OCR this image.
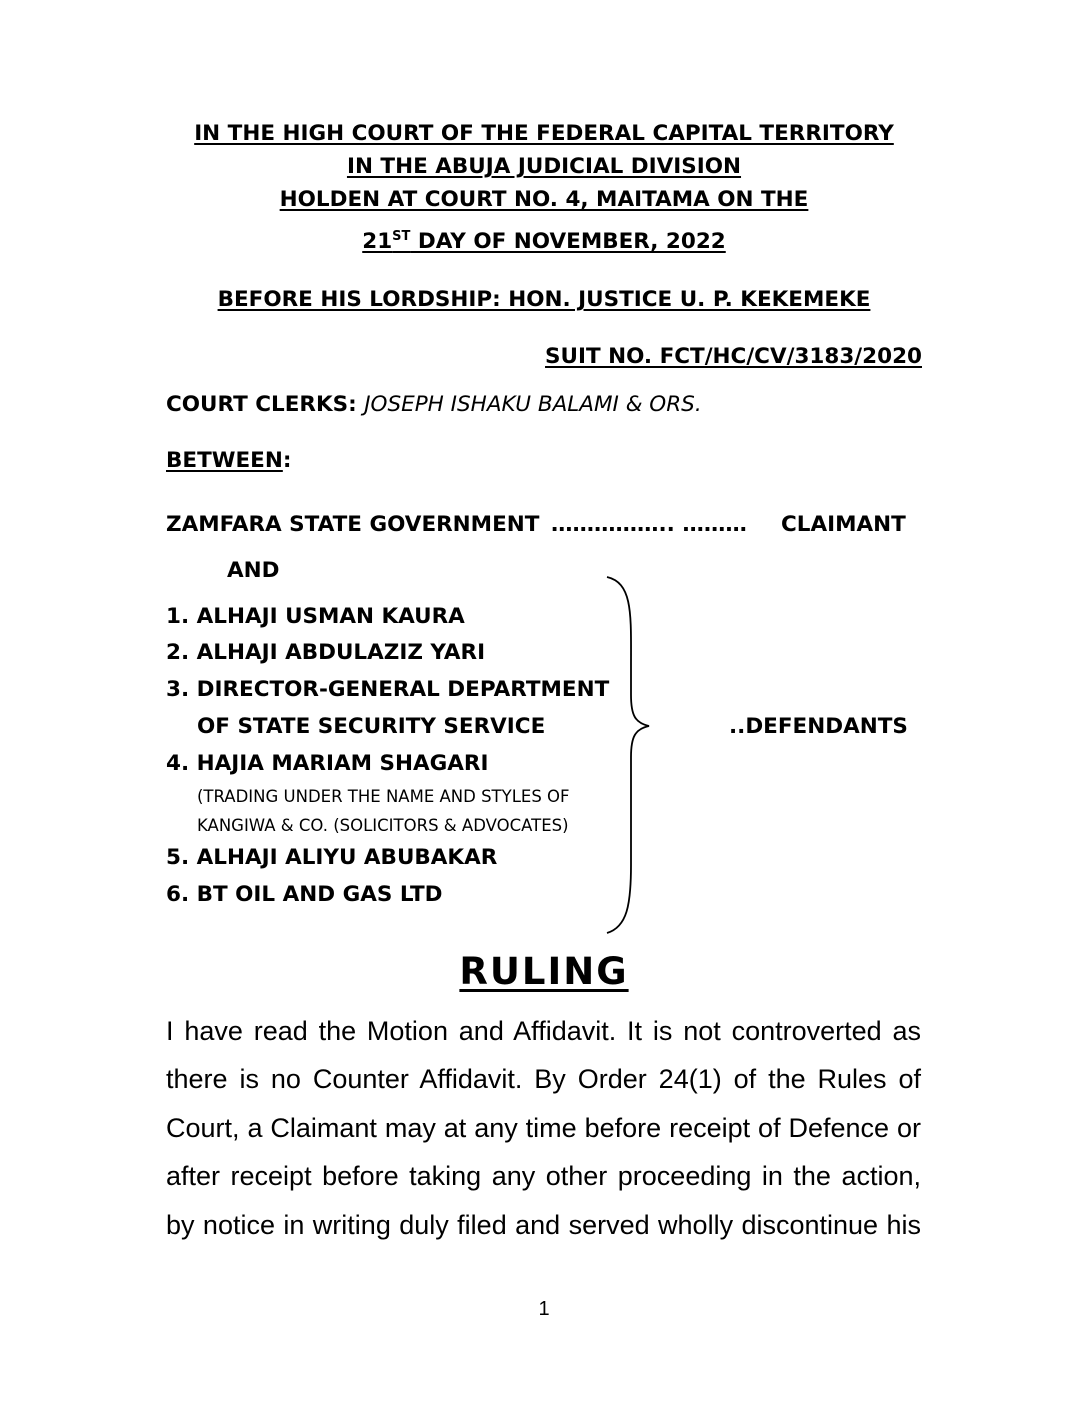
IN THE HIGH COURT OF THE FEDERAL CAPITAL TERRITORY
IN THE ABUJA JUDICIAL DIVISION
HOLDEN AT COURT NO. 4, MAITAMA ON THE
21ST DAY OF NOVEMBER, 2022
BEFORE HIS LORDSHIP: HON. JUSTICE U. P. KEKEMEKE
SUIT NO. FCT/HC/CV/3183/2020
COURT CLERKS: JOSEPH ISHAKU BALAMI & ORS.
BETWEEN:
ZAMFARA STATE GOVERNMENT …………….. ……… CLAIMANT
AND
1. ALHAJI USMAN KAURA
2. ALHAJI ABDULAZIZ YARI
3. DIRECTOR-GENERAL DEPARTMENT
OF STATE SECURITY SERVICE
4. HAJIA MARIAM SHAGARI
(TRADING UNDER THE NAME AND STYLES OF
KANGIWA & CO. (SOLICITORS & ADVOCATES)
5. ALHAJI ALIYU ABUBAKAR
6. BT OIL AND GAS LTD
..DEFENDANTS
RULING
I have read the Motion and Affidavit. It is not controverted as
there is no Counter Affidavit. By Order 24(1) of the Rules of
Court, a Claimant may at any time before receipt of Defence or
after receipt before taking any other proceeding in the action,
by notice in writing duly filed and served wholly discontinue his
1
